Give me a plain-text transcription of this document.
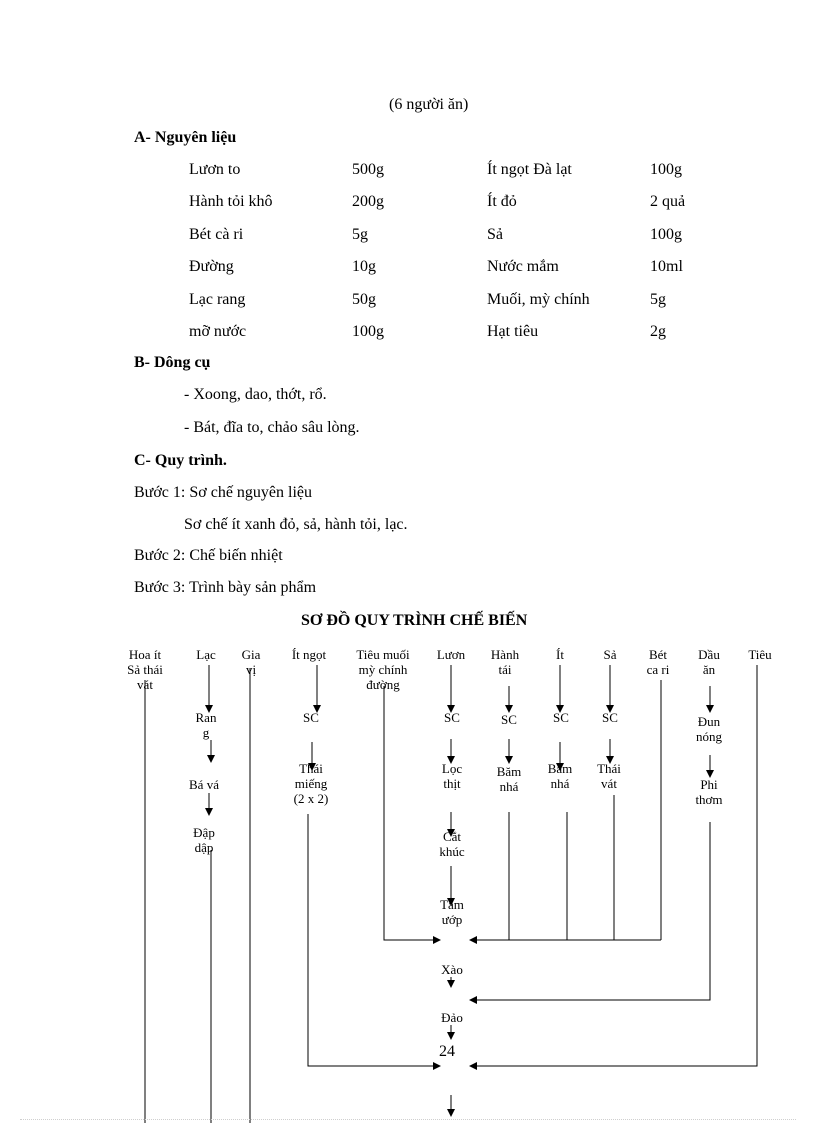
(6 người ăn)
A- Nguyên liệu
Lươn to	500g	Ít ngọt Đà lạt	100g
Hành tỏi khô	200g	Ít đỏ	2 quả
Bét cà ri	5g	Sả	100g
Đường	10g	Nước mắm	10ml
Lạc rang	50g	Muối, mỳ chính	5g
mỡ nước	100g	Hạt tiêu	2g
B- Dông cụ
- Xoong, dao, thớt, rổ.
- Bát, đĩa to, chảo sâu lòng.
C- Quy trình.
Bước 1: Sơ chế nguyên liệu
Sơ chế ít xanh đỏ, sả, hành tỏi, lạc.
Bước 2: Chế biến nhiệt
Bước 3: Trình bày sản phẩm
SƠ ĐỒ QUY TRÌNH CHẾ BIẾN
Hoa ít
Sả thái
vát
Lạc	Gia
vị
Ít ngọt	Tiêu muối
mỳ chính
đường
Lươn	Hành
tái
Ít	Sả	Bét
ca ri
Dầu
ăn
Tiêu
Ran
g
Bá vá
Đập
dập
SC
Thái
miếng
(2 x 2)
SC
Lọc
thịt
Cắt
khúc
Tẩm
ướp
SC
Băm
nhá
SC
Băm
nhá
SC
Thái
vát
Đun
nóng
Phi
thơm
Xào
Đảo
24
